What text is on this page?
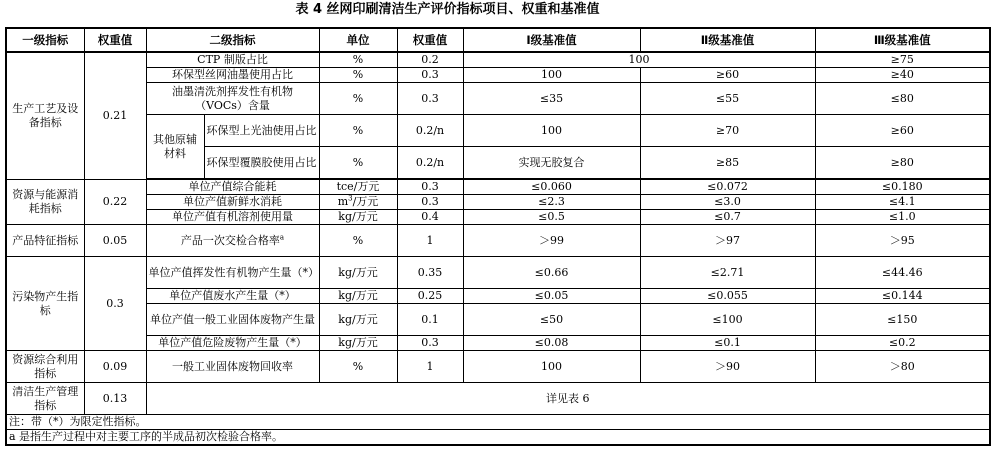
表 4 丝网印刷清洁生产评价指标项目、权重和基准值
一级指标	权重值	二级指标		单位	权重值	Ⅰ级基准值	Ⅱ级基准值	Ⅲ级基准值
生产工艺及设备指标	0.21	CTP 制版占比		%	0.2	100		≥75
		环保型丝网油墨使用占比		%	0.3	100	≥60	≥40
		油墨清洗剂挥发性有机物（VOCs）含量		%	0.3	≤35	≤55	≤80
		其他原辅材料	环保型上光油使用占比	%	0.2/n	100	≥70	≥60
			环保型覆膜胶使用占比	%	0.2/n	实现无胶复合	≥85	≥80

资源与能源消耗指标	0.22	单位产值综合能耗		tce/万元	0.3	≤0.060	≤0.072	≤0.180
		单位产值新鲜水消耗		$m^3/$万元	0.3	≤2.3	≤3.0	≤4.1
		单位产值有机溶剂使用量		kg/万元	0.4	≤0.5	≤0.7	≤1.0
产品特征指标	0.05	产品一次交检合格率$^a$		%	1	＞99	＞97	＞95
污染物产生指标	0.3	单位产值挥发性有机物产生量（*）		kg/万元	0.35	≤0.66	≤2.71	≤44.46
		单位产值废水产生量（*）		kg/万元	0.25	≤0.05	≤0.055	≤0.144
		单位产值一般工业固体废物产生量		kg/万元	0.1	≤50	≤100	≤150
		单位产值危险废物产生量（*）		kg/万元	0.3	≤0.08	≤0.1	≤0.2
资源综合利用指标	0.09	一般工业固体废物回收率		%	1	100	＞90	＞80
清洁生产管理指标	0.13	详见表 6						
注：带（*）为限定性指标。								
a 是指生产过程中对主要工序的半成品初次检验合格率。								
